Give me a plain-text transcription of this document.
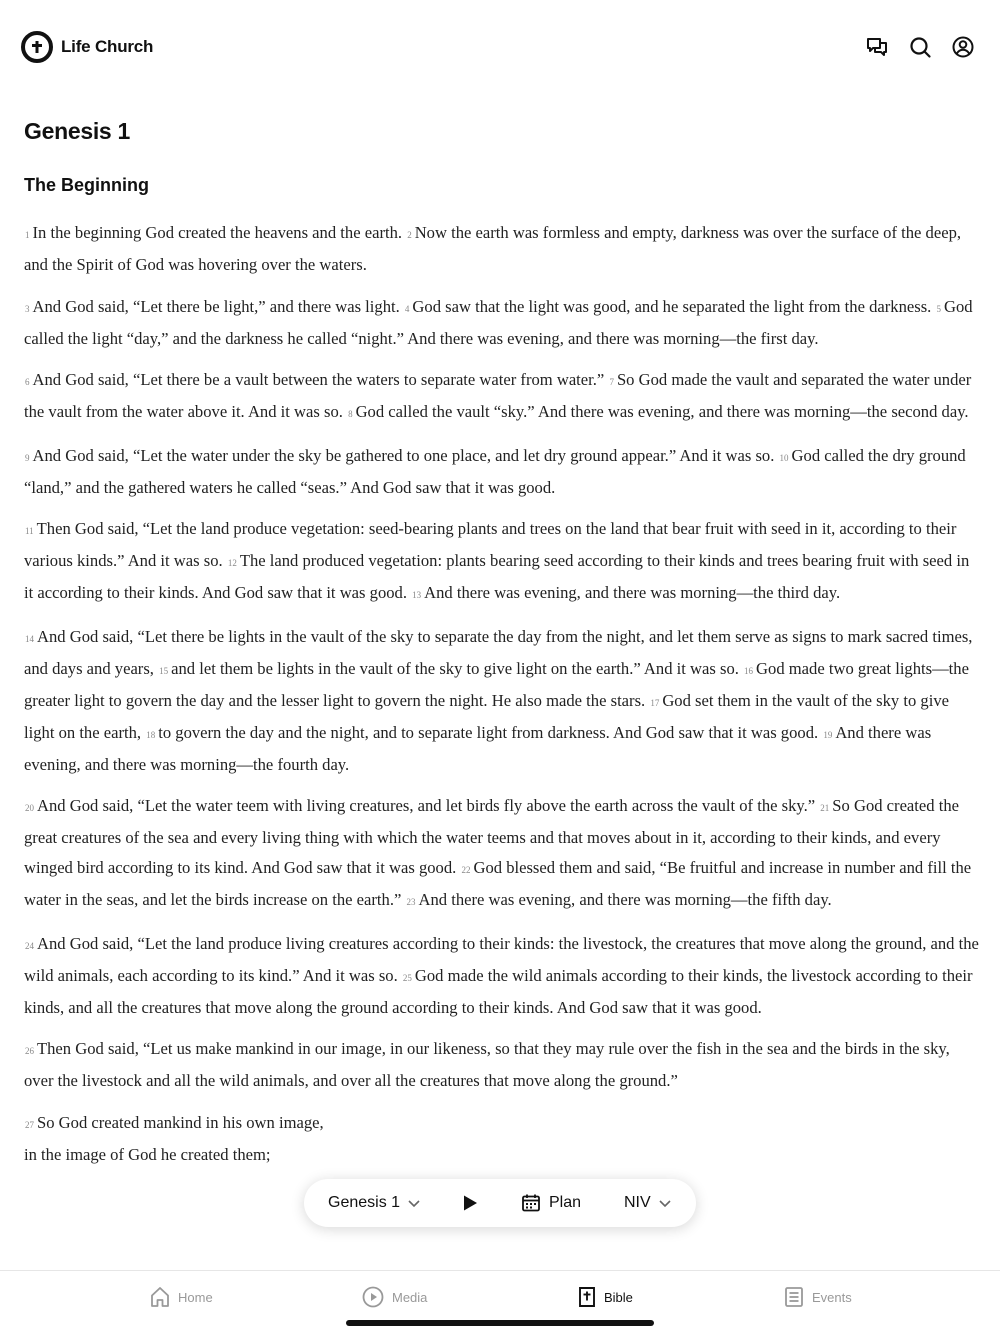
Life Church
Genesis 1
The Beginning

1 In the beginning God created the heavens and the earth. 2 Now the earth was formless and empty, darkness was over the surface of the deep, and the Spirit of God was hovering over the waters.

3 And God said, “Let there be light,” and there was light. 4 God saw that the light was good, and he separated the light from the darkness. 5 God called the light “day,” and the darkness he called “night.” And there was evening, and there was morning—the first day.

6 And God said, “Let there be a vault between the waters to separate water from water.” 7 So God made the vault and separated the water under the vault from the water above it. And it was so. 8 God called the vault “sky.” And there was evening, and there was morning—the second day.

9 And God said, “Let the water under the sky be gathered to one place, and let dry ground appear.” And it was so. 10 God called the dry ground “land,” and the gathered waters he called “seas.” And God saw that it was good.

11 Then God said, “Let the land produce vegetation: seed-bearing plants and trees on the land that bear fruit with seed in it, according to their various kinds.” And it was so. 12 The land produced vegetation: plants bearing seed according to their kinds and trees bearing fruit with seed in it according to their kinds. And God saw that it was good. 13 And there was evening, and there was morning—the third day.

14 And God said, “Let there be lights in the vault of the sky to separate the day from the night, and let them serve as signs to mark sacred times, and days and years, 15 and let them be lights in the vault of the sky to give light on the earth.” And it was so. 16 God made two great lights—the greater light to govern the day and the lesser light to govern the night. He also made the stars. 17 God set them in the vault of the sky to give light on the earth, 18 to govern the day and the night, and to separate light from darkness. And God saw that it was good. 19 And there was evening, and there was morning—the fourth day.

20 And God said, “Let the water teem with living creatures, and let birds fly above the earth across the vault of the sky.” 21 So God created the great creatures of the sea and every living thing with which the water teems and that moves about in it, according to their kinds, and every winged bird according to its kind. And God saw that it was good. 22 God blessed them and said, “Be fruitful and increase in number and fill the water in the seas, and let the birds increase on the earth.” 23 And there was evening, and there was morning—the fifth day.

24 And God said, “Let the land produce living creatures according to their kinds: the livestock, the creatures that move along the ground, and the wild animals, each according to its kind.” And it was so. 25 God made the wild animals according to their kinds, the livestock according to their kinds, and all the creatures that move along the ground according to their kinds. And God saw that it was good.

26 Then God said, “Let us make mankind in our image, in our likeness, so that they may rule over the fish in the sea and the birds in the sky, over the livestock and all the wild animals, and over all the creatures that move along the ground.”

27 So God created mankind in his own image,
in the image of God he created them;

Genesis 1	Plan	NIV
Home	Media	Bible	Events
